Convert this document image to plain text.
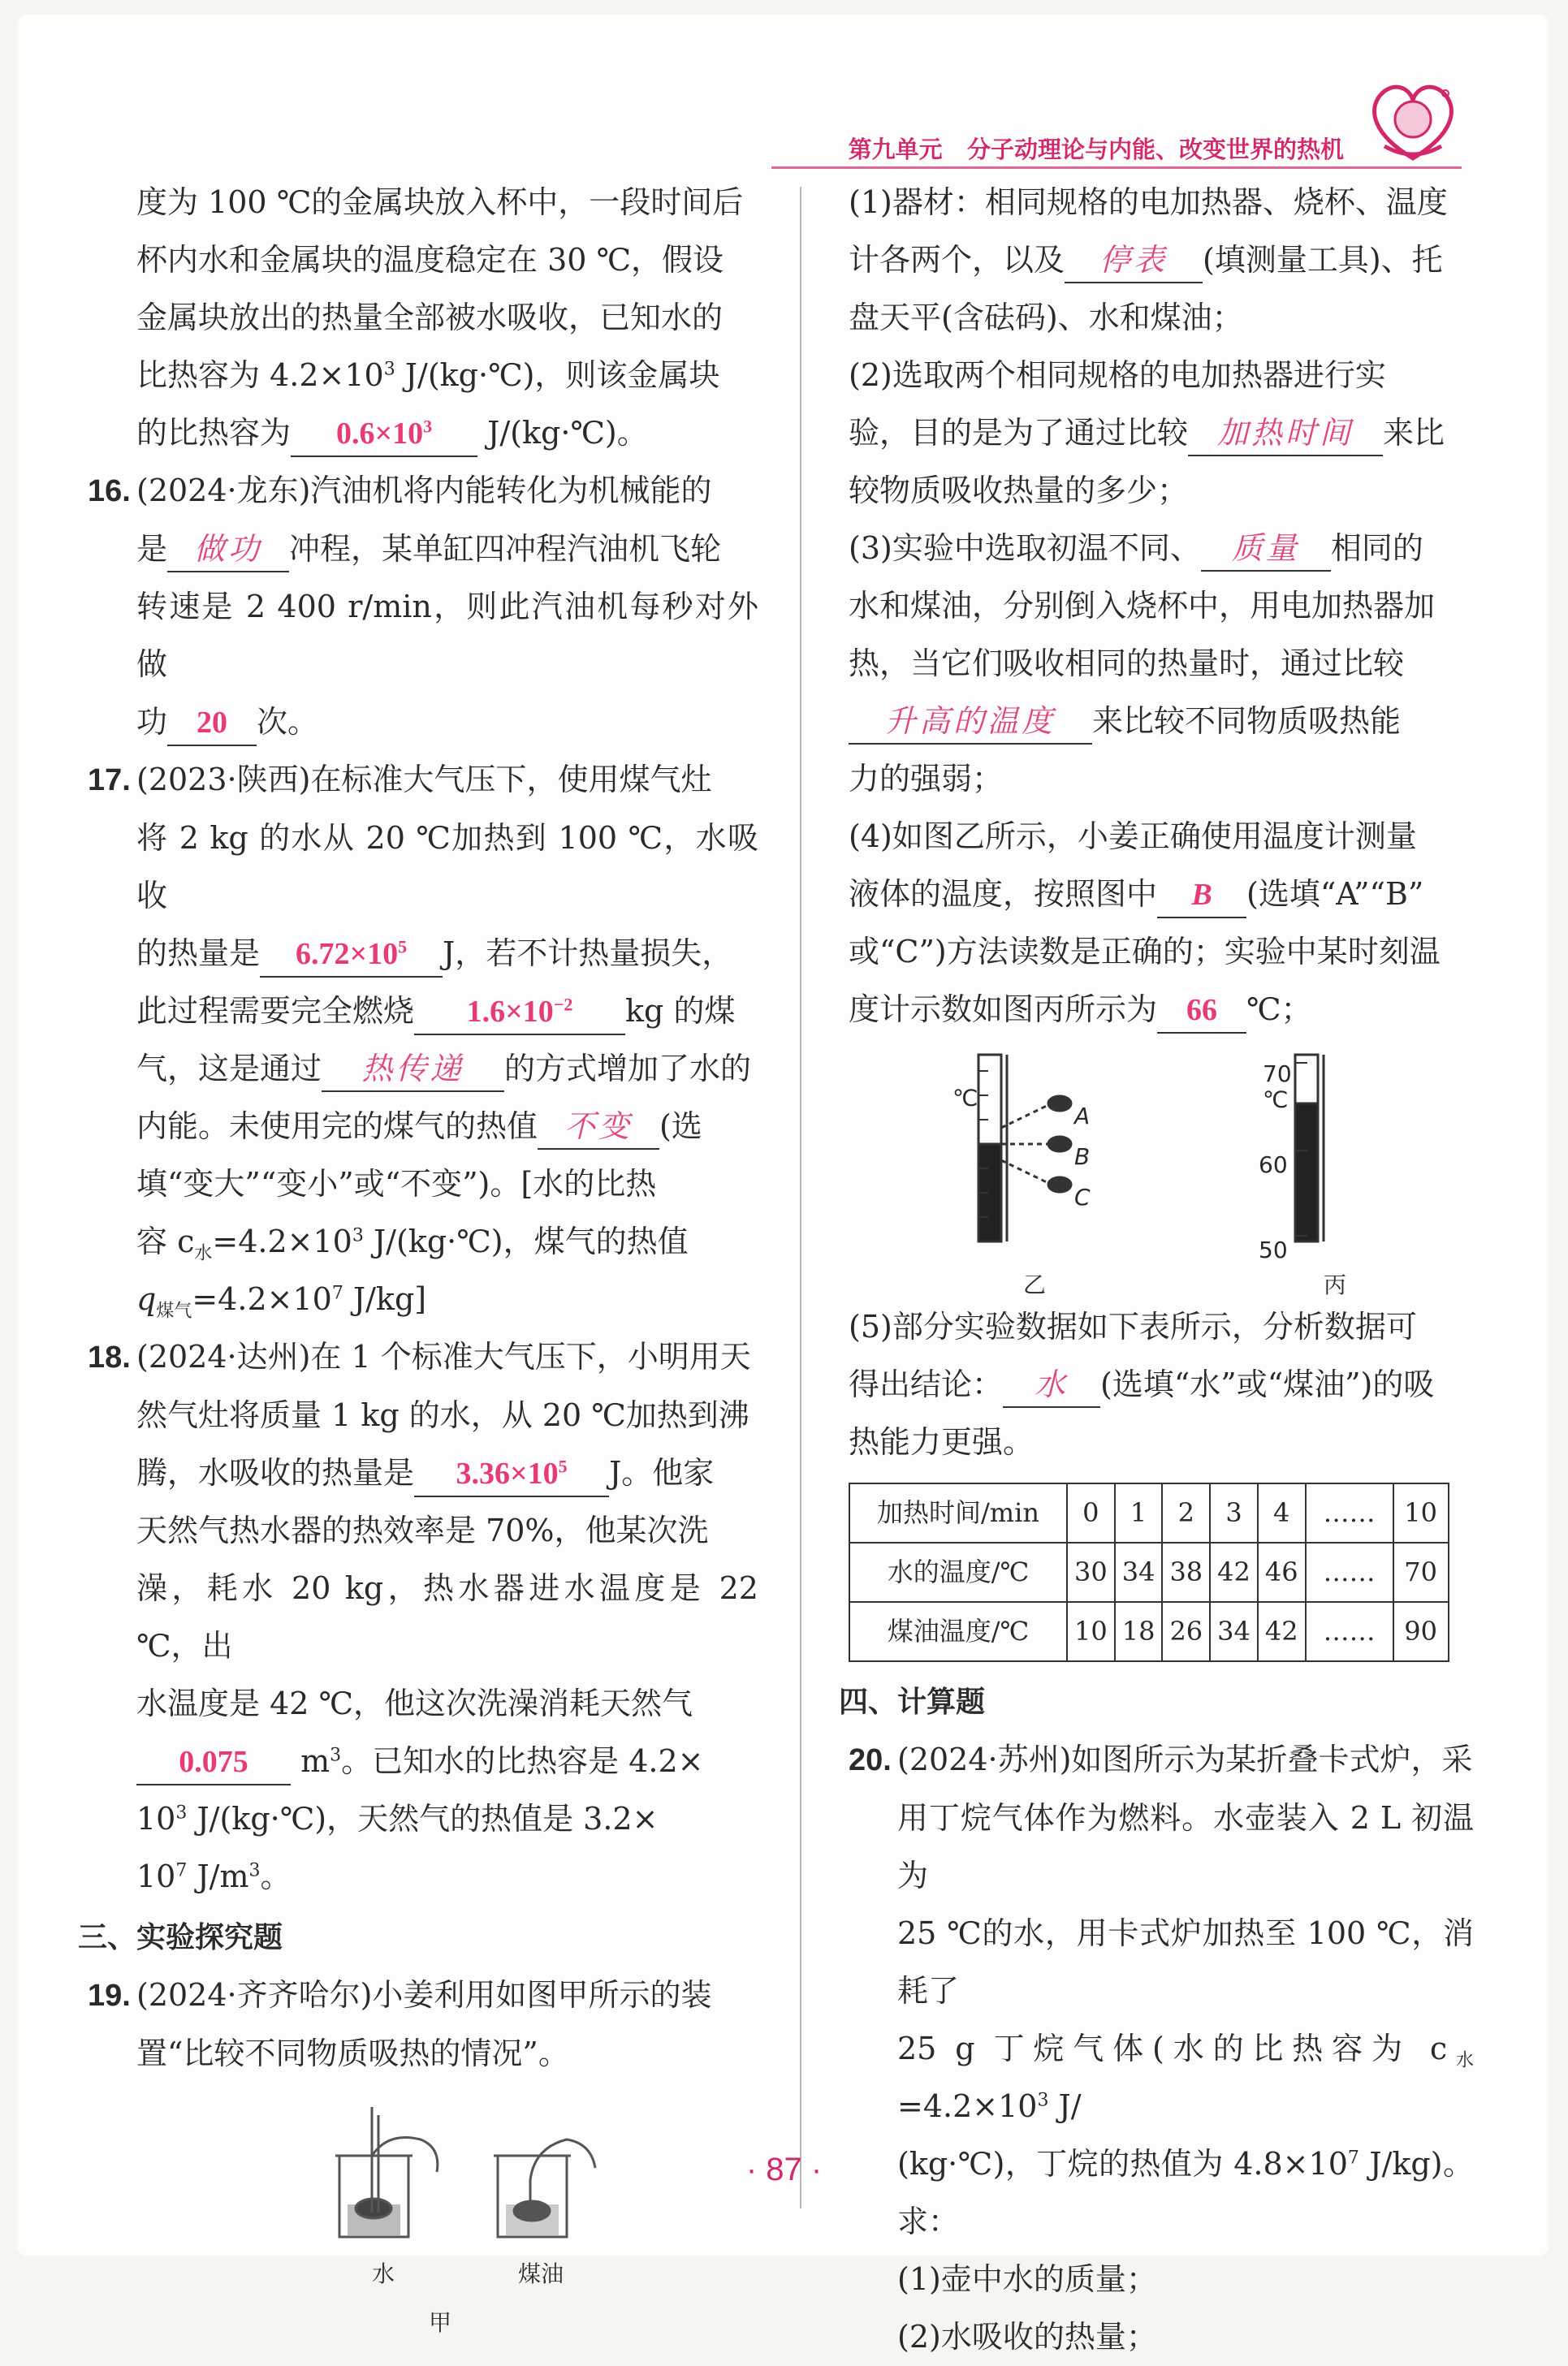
第九单元 分子动理论与内能、改变世界的热机

度为 100 ℃的金属块放入杯中，一段时间后

杯内水和金属块的温度稳定在 30 ℃，假设

金属块放出的热量全部被水吸收，已知水的

比热容为 $4.2\times 10^3$ J/(kg·℃)，则该金属块

的比热容为 $0.6\times 10^3$ J/(kg·℃)。

16. (2024·龙东)汽油机将内能转化为机械能的

是 做功 冲程，某单缸四冲程汽油机飞轮

转速是 2 400 r/min，则此汽油机每秒对外做

功 20 次。

17. (2023·陕西)在标准大气压下，使用煤气灶

将 2 kg 的水从 20 ℃加热到 100 ℃，水吸收

的热量是 $6.72\times 10^5$ J，若不计热量损失，

此过程需要完全燃烧 $1.6\times 10^{-2}$ kg 的煤

气，这是通过 热传递 的方式增加了水的

内能。未使用完的煤气的热值 不变 (选

填“变大”“变小”或“不变”)。[水的比热

容 $c_水=4.2\times 10^3$ J/(kg·℃)，煤气的热值

$q_{煤气}=4.2\times 10^7$ J/kg]

18. (2024·达州)在 1 个标准大气压下，小明用天

然气灶将质量 1 kg 的水，从 20 ℃加热到沸

腾，水吸收的热量是 $3.36\times 10^5$ J。他家

天然气热水器的热效率是 70%，他某次洗

澡，耗水 20 kg，热水器进水温度是 22 ℃，出

水温度是 42 ℃，他这次洗澡消耗天然气

0.075 $m^3$。已知水的比热容是 4.2×

$10^3$ J/(kg·℃)，天然气的热值是 3.2×

$10^7$ $J/m^3$。

三、实验探究题

19. (2024·齐齐哈尔)小姜利用如图甲所示的装

置“比较不同物质吸热的情况”。

水	煤油
甲

(1)器材：相同规格的电加热器、烧杯、温度

计各两个，以及 停表 (填测量工具)、托

盘天平(含砝码)、水和煤油；

(2)选取两个相同规格的电加热器进行实

验，目的是为了通过比较 加热时间 来比

较物质吸收热量的多少；

(3)实验中选取初温不同、 质量 相同的

水和煤油，分别倒入烧杯中，用电加热器加

热，当它们吸收相同的热量时，通过比较

升高的温度 来比较不同物质吸热能

力的强弱；

(4)如图乙所示，小姜正确使用温度计测量

液体的温度，按照图中 B (选填“A”“B”

或“C”)方法读数是正确的；实验中某时刻温

度计示数如图丙所示为 66 ℃；

℃
A
B
C
乙
70
℃
60
50
丙

(5)部分实验数据如下表所示，分析数据可

得出结论： 水 (选填“水”或“煤油”)的吸

热能力更强。

加热时间/min	0	1	2	3	4	……	10
水的温度/℃	30	34	38	42	46	……	70
煤油温度/℃	10	18	26	34	42	……	90

四、计算题

20. (2024·苏州)如图所示为某折叠卡式炉，采

用丁烷气体作为燃料。水壶装入 2 L 初温为

25 ℃的水，用卡式炉加热至 100 ℃，消耗了

25 g 丁烷气体(水的比热容为 $c_水=4.2\times 10^3$ J/

(kg·℃)，丁烷的热值为 $4.8\times 10^7$ J/kg)。求：

(1)壶中水的质量；

(2)水吸收的热量；

· 87 ·
